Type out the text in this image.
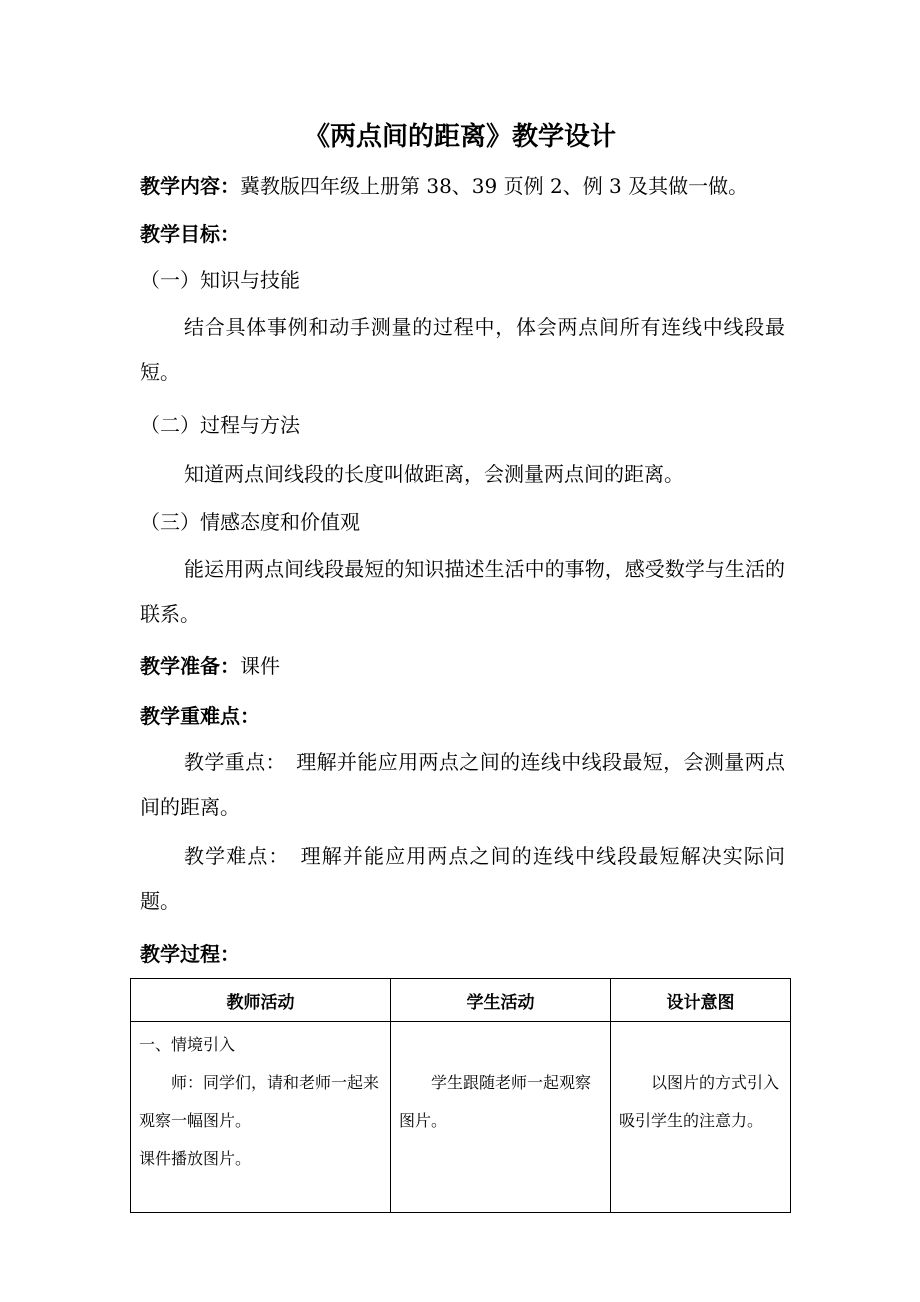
《两点间的距离》教学设计
教学内容：冀教版四年级上册第 38、39 页例 2、例 3 及其做一做。
教学目标：
（一）知识与技能
结合具体事例和动手测量的过程中，体会两点间所有连线中线段最短。
（二）过程与方法
知道两点间线段的长度叫做距离，会测量两点间的距离。
（三）情感态度和价值观
能运用两点间线段最短的知识描述生活中的事物，感受数学与生活的联系。
教学准备：课件
教学重难点：
教学重点：　理解并能应用两点之间的连线中线段最短，会测量两点间的距离。
教学难点：　理解并能应用两点之间的连线中线段最短解决实际问题。
教学过程：
教师活动	学生活动	设计意图

一、情境引入
师：同学们，请和老师一起来观察一幅图片。
课件播放图片。	学生跟随老师一起观察图片。	以图片的方式引入吸引学生的注意力。
